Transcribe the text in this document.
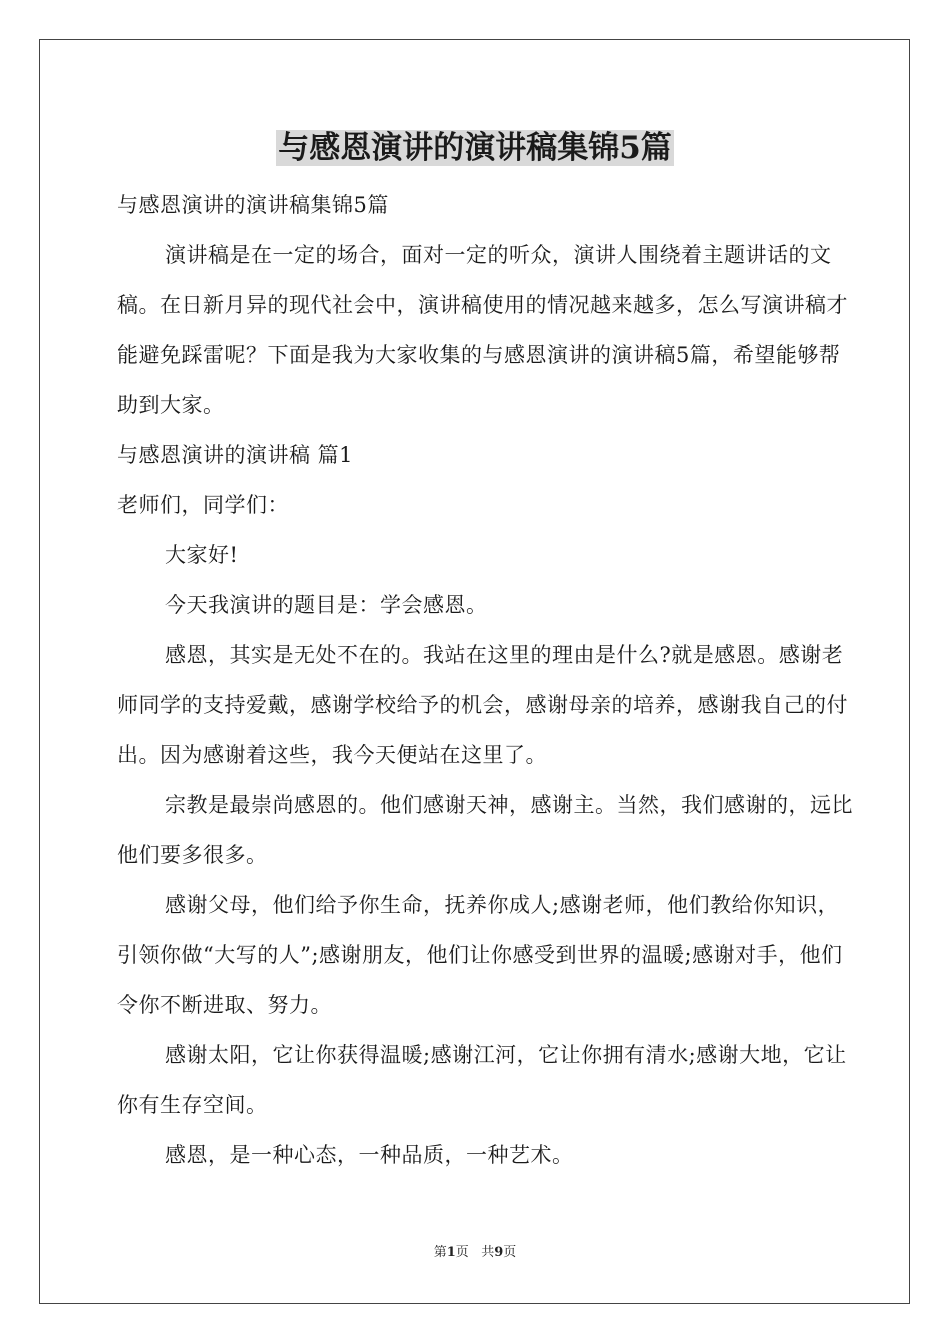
与感恩演讲的演讲稿集锦5篇

与感恩演讲的演讲稿集锦5篇

演讲稿是在一定的场合，面对一定的听众，演讲人围绕着主题讲话的文稿。在日新月异的现代社会中，演讲稿使用的情况越来越多，怎么写演讲稿才能避免踩雷呢？下面是我为大家收集的与感恩演讲的演讲稿5篇，希望能够帮助到大家。

与感恩演讲的演讲稿 篇1

老师们，同学们：

大家好!

今天我演讲的题目是：学会感恩。

感恩，其实是无处不在的。我站在这里的理由是什么?就是感恩。感谢老师同学的支持爱戴，感谢学校给予的机会，感谢母亲的培养，感谢我自己的付出。因为感谢着这些，我今天便站在这里了。

宗教是最崇尚感恩的。他们感谢天神，感谢主。当然，我们感谢的，远比他们要多很多。

感谢父母，他们给予你生命，抚养你成人;感谢老师，他们教给你知识，引领你做“大写的人”;感谢朋友，他们让你感受到世界的温暖;感谢对手，他们令你不断进取、努力。

感谢太阳，它让你获得温暖;感谢江河，它让你拥有清水;感谢大地，它让你有生存空间。

感恩，是一种心态，一种品质，一种艺术。

第1页 共9页
